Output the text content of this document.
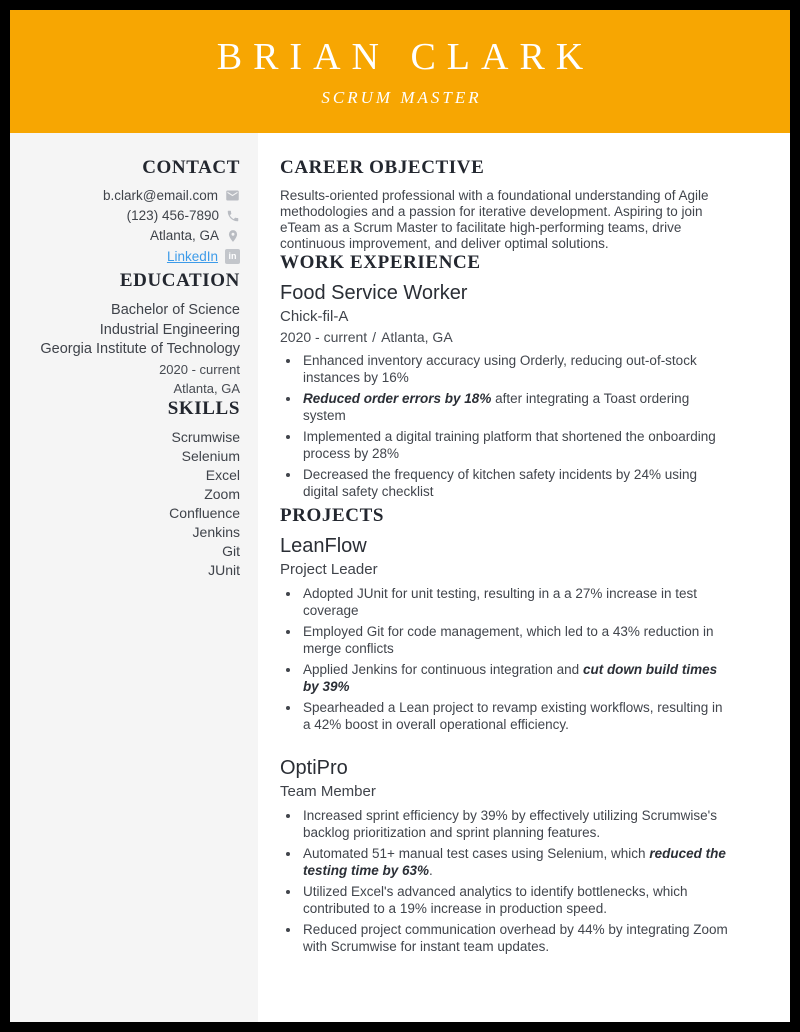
BRIAN CLARK
SCRUM MASTER
CONTACT
b.clark@email.com
(123) 456-7890
Atlanta, GA
LinkedIn	in
EDUCATION
Bachelor of Science
Industrial Engineering
Georgia Institute of Technology
2020 - current
Atlanta, GA
SKILLS
Scrumwise
Selenium
Excel
Zoom
Confluence
Jenkins
Git
JUnit
CAREER OBJECTIVE
Results-oriented professional with a foundational understanding of Agile methodologies and a passion for iterative development. Aspiring to join eTeam as a Scrum Master to facilitate high-performing teams, drive continuous improvement, and deliver optimal solutions.
WORK EXPERIENCE
Food Service Worker
Chick-fil-A
2020 - current / Atlanta, GA
• Enhanced inventory accuracy using Orderly, reducing out-of-stock instances by 16%
• Reduced order errors by 18% after integrating a Toast ordering system
• Implemented a digital training platform that shortened the onboarding process by 28%
• Decreased the frequency of kitchen safety incidents by 24% using digital safety checklist
PROJECTS
LeanFlow
Project Leader
• Adopted JUnit for unit testing, resulting in a a 27% increase in test coverage
• Employed Git for code management, which led to a 43% reduction in merge conflicts
• Applied Jenkins for continuous integration and cut down build times by 39%
• Spearheaded a Lean project to revamp existing workflows, resulting in a 42% boost in overall operational efficiency.
OptiPro
Team Member
• Increased sprint efficiency by 39% by effectively utilizing Scrumwise's backlog prioritization and sprint planning features.
• Automated 51+ manual test cases using Selenium, which reduced the testing time by 63%.
• Utilized Excel's advanced analytics to identify bottlenecks, which contributed to a 19% increase in production speed.
• Reduced project communication overhead by 44% by integrating Zoom with Scrumwise for instant team updates.
